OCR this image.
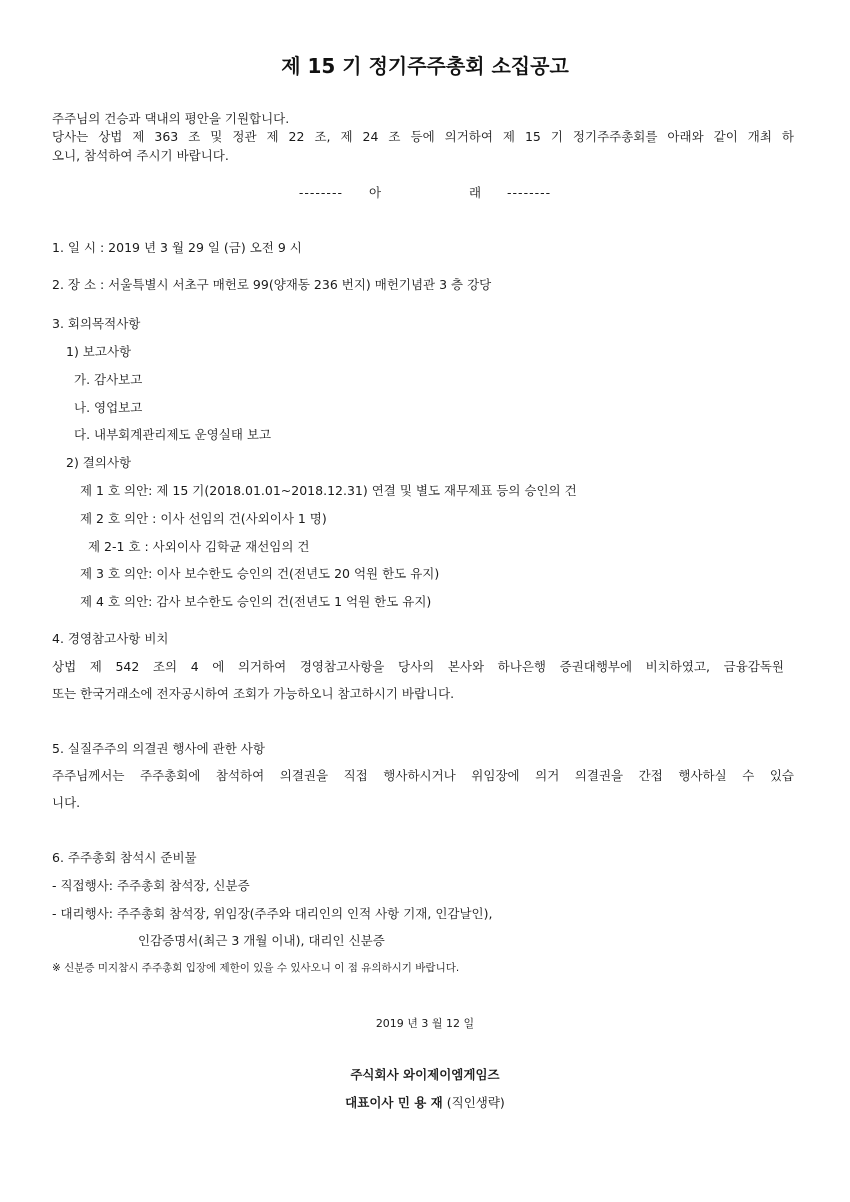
제 15 기 정기주주총회 소집공고
주주님의 건승과 댁내의 평안을 기원합니다.
당사는 상법 제 363 조 및 정관 제 22 조, 제 24 조 등에 의거하여 제 15 기 정기주주총회를 아래와 같이 개최 하
오니, 참석하여 주시기 바랍니다.
-------- 아	래 --------
1. 일 시 : 2019 년 3 월 29 일 (금) 오전 9 시
2. 장 소 : 서울특별시 서초구 매헌로 99(양재동 236 번지) 매헌기념관 3 층 강당
3. 회의목적사항
1) 보고사항
가. 감사보고
나. 영업보고
다. 내부회계관리제도 운영실태 보고
2) 결의사항
제 1 호 의안: 제 15 기(2018.01.01~2018.12.31) 연결 및 별도 재무제표 등의 승인의 건
제 2 호 의안 : 이사 선임의 건(사외이사 1 명)
제 2-1 호 : 사외이사 김학균 재선임의 건
제 3 호 의안: 이사 보수한도 승인의 건(전년도 20 억원 한도 유지)
제 4 호 의안: 감사 보수한도 승인의 건(전년도 1 억원 한도 유지)
4. 경영참고사항 비치
상법 제 542 조의 4 에 의거하여 경영참고사항을 당사의 본사와 하나은행 증권대행부에 비치하였고, 금융감독원
또는 한국거래소에 전자공시하여 조회가 가능하오니 참고하시기 바랍니다.
5. 실질주주의 의결권 행사에 관한 사항
주주님께서는 주주총회에 참석하여 의결권을 직접 행사하시거나 위임장에 의거 의결권을 간접 행사하실 수 있습
니다.
6. 주주총회 참석시 준비물
- 직접행사: 주주총회 참석장, 신분증
- 대리행사: 주주총회 참석장, 위임장(주주와 대리인의 인적 사항 기재, 인감날인),
인감증명서(최근 3 개월 이내), 대리인 신분증
※ 신분증 미지참시 주주총회 입장에 제한이 있을 수 있사오니 이 점 유의하시기 바랍니다.
2019 년 3 월 12 일
주식회사 와이제이엠게임즈
대표이사 민 용 재 (직인생략)
